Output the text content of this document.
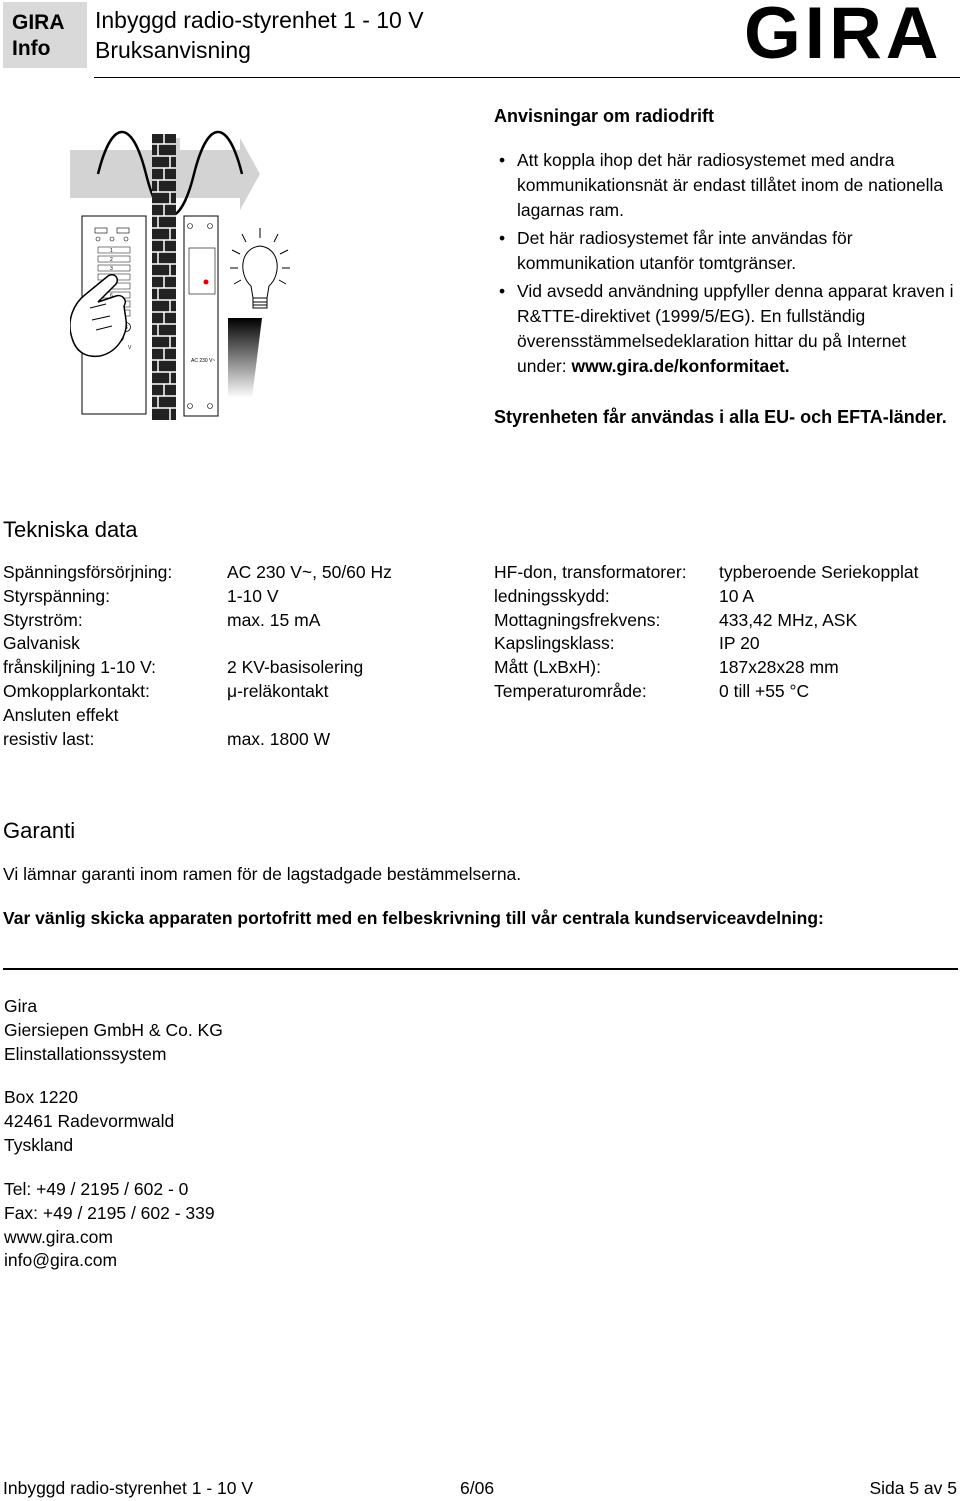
GIRA
Info
Inbyggd radio-styrenhet 1 - 10 V
Bruksanvisning	GIRA
1
2
3
6
V
AC 230 V~
Anvisningar om radiodrift
• Att koppla ihop det här radiosystemet med andra kommunikationsnät är endast tillåtet inom de nationella lagarnas ram.
• Det här radiosystemet får inte användas för kommunikation utanför tomtgränser.
• Vid avsedd användning uppfyller denna apparat kraven i R&TTE-direktivet (1999/5/EG). En fullständig överensstämmelsedeklaration hittar du på Internet under: www.gira.de/konformitaet.
Styrenheten får användas i alla EU- och EFTA-länder.
Tekniska data
Spänningsförsörjning:	AC 230 V~, 50/60 Hz
Styrspänning:	1-10 V
Styrström:	max. 15 mA
Galvanisk
frånskiljning 1-10 V:	2 KV-basisolering
Omkopplarkontakt:	μ-reläkontakt
Ansluten effekt
resistiv last:	max. 1800 W
HF-don, transformatorer: typberoende Seriekopplat
ledningsskydd:	10 A
Mottagningsfrekvens:	433,42 MHz, ASK
Kapslingsklass:	IP 20
Mått (LxBxH):	187x28x28 mm
Temperaturområde:	0 till +55 °C
Garanti
Vi lämnar garanti inom ramen för de lagstadgade bestämmelserna.
Var vänlig skicka apparaten portofritt med en felbeskrivning till vår centrala kundserviceavdelning:
Gira
Giersiepen GmbH & Co. KG
Elinstallationssystem
Box 1220
42461 Radevormwald
Tyskland
Tel: +49 / 2195 / 602 - 0
Fax: +49 / 2195 / 602 - 339
www.gira.com
info@gira.com
Inbyggd radio-styrenhet 1 - 10 V	6/06	Sida 5 av 5
